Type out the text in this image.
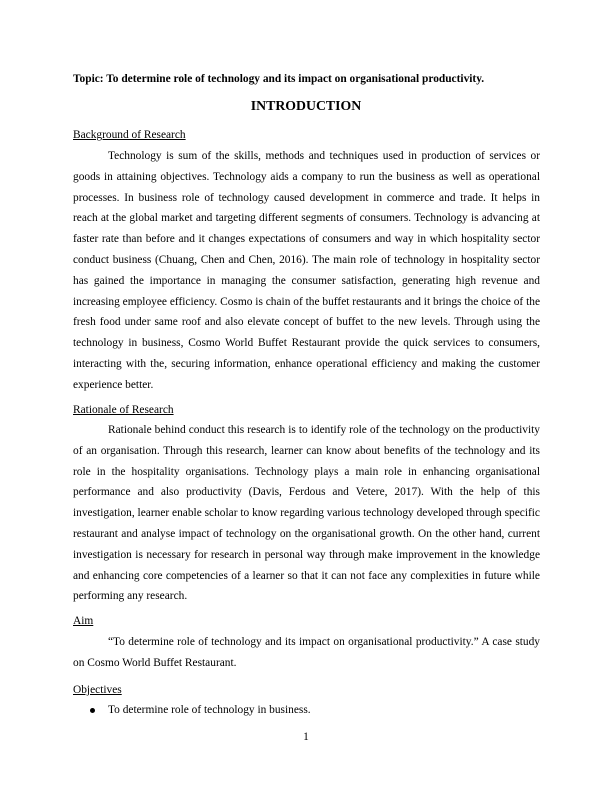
Topic: To determine role of technology and its impact on organisational productivity.
INTRODUCTION
Background of Research

Technology is sum of the skills, methods and techniques used in production of services or goods in attaining objectives. Technology aids a company to run the business as well as operational processes. In business role of technology caused development in commerce and trade. It helps in reach at the global market and targeting different segments of consumers. Technology is advancing at faster rate than before and it changes expectations of consumers and way in which hospitality sector conduct business (Chuang, Chen and Chen, 2016). The main role of technology in hospitality sector has gained the importance in managing the consumer satisfaction, generating high revenue and increasing employee efficiency. Cosmo is chain of the buffet restaurants and it brings the choice of the fresh food under same roof and also elevate concept of buffet to the new levels. Through using the technology in business, Cosmo World Buffet Restaurant provide the quick services to consumers, interacting with the, securing information, enhance operational efficiency and making the customer experience better.

Rationale of Research

Rationale behind conduct this research is to identify role of the technology on the productivity of an organisation. Through this research, learner can know about benefits of the technology and its role in the hospitality organisations. Technology plays a main role in enhancing organisational performance and also productivity (Davis, Ferdous and Vetere, 2017). With the help of this investigation, learner enable scholar to know regarding various technology developed through specific restaurant and analyse impact of technology on the organisational growth. On the other hand, current investigation is necessary for research in personal way through make improvement in the knowledge and enhancing core competencies of a learner so that it can not face any complexities in future while performing any research.

Aim

“To determine role of technology and its impact on organisational productivity.” A case study on Cosmo World Buffet Restaurant.

Objectives
To determine role of technology in business.
1
